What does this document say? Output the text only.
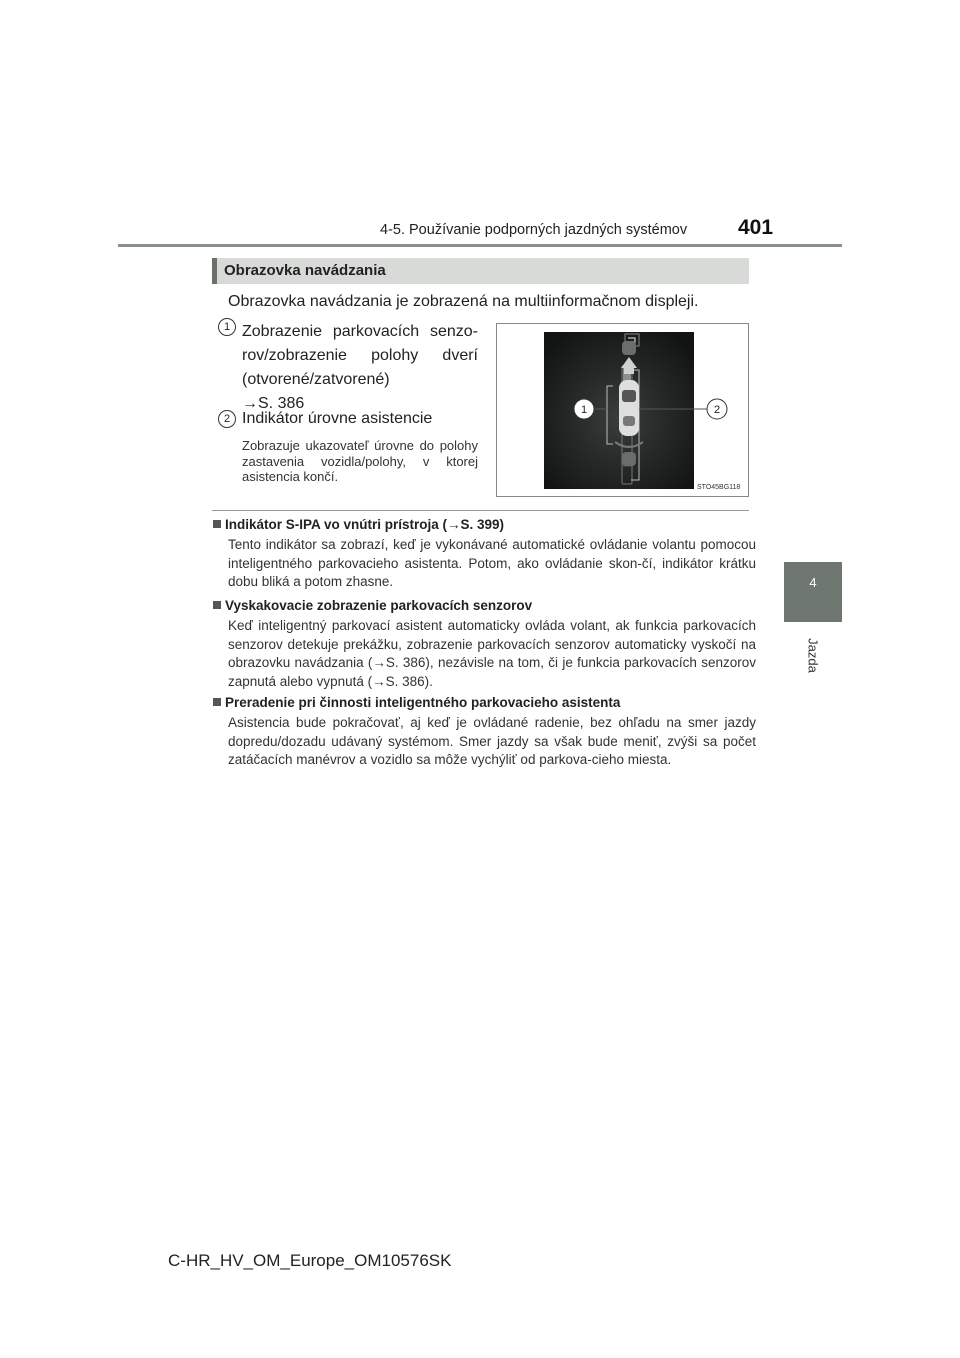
4-5. Používanie podporných jazdných systémov 401
4
Jazda
Obrazovka navádzania
Obrazovka navádzania je zobrazená na multiinformačnom displeji.
1 Zobrazenie parkovacích senzo-
rov/zobrazenie polohy dverí
(otvorené/zatvorené)
→S. 386
2 Indikátor úrovne asistencie
Zobrazuje ukazovateľ úrovne do polohy zastavenia vozidla/polohy, v ktorej asistencia končí.
1	2
STO45BG118
Indikátor S-IPA vo vnútri prístroja (→S. 399)
Tento indikátor sa zobrazí, keď je vykonávané automatické ovládanie volantu pomocou inteligentného parkovacieho asistenta. Potom, ako ovládanie skon-čí, indikátor krátku dobu bliká a potom zhasne.
Vyskakovacie zobrazenie parkovacích senzorov
Keď inteligentný parkovací asistent automaticky ovláda volant, ak funkcia parkovacích senzorov detekuje prekážku, zobrazenie parkovacích senzorov automaticky vyskočí na obrazovku navádzania (→S. 386), nezávisle na tom, či je funkcia parkovacích senzorov zapnutá alebo vypnutá (→S. 386).
Preradenie pri činnosti inteligentného parkovacieho asistenta
Asistencia bude pokračovať, aj keď je ovládané radenie, bez ohľadu na smer jazdy dopredu/dozadu udávaný systémom. Smer jazdy sa však bude meniť, zvýši sa počet zatáčacích manévrov a vozidlo sa môže vychýliť od parkova-cieho miesta.
C-HR_HV_OM_Europe_OM10576SK
